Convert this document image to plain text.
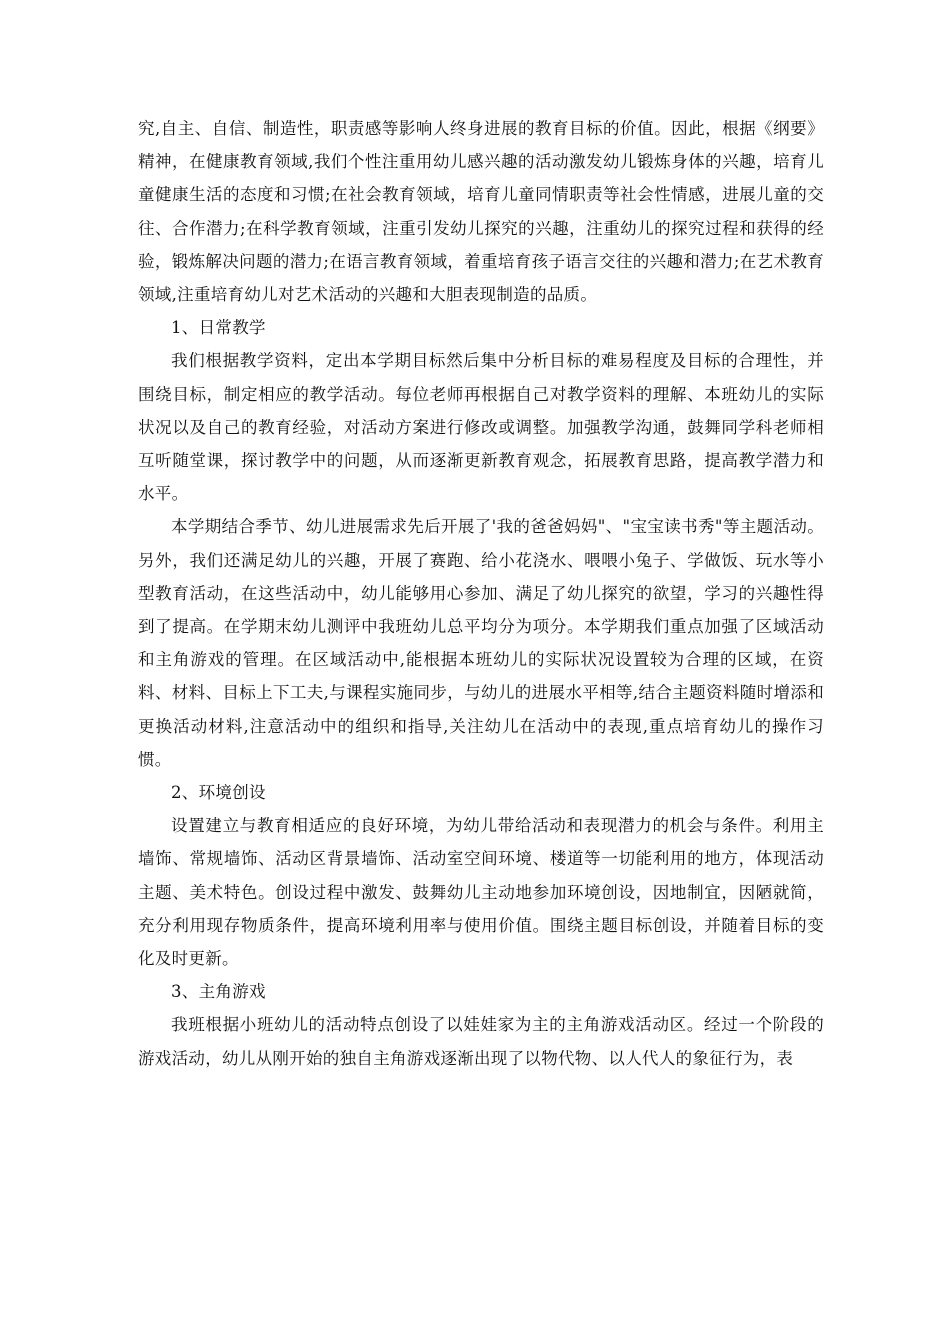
究,自主、自信、制造性，职责感等影响人终身进展的教育目标的价值。因此，根据《纲要》精神，在健康教育领域,我们个性注重用幼儿感兴趣的活动激发幼儿锻炼身体的兴趣，培育儿童健康生活的态度和习惯;在社会教育领域，培育儿童同情职责等社会性情感，进展儿童的交往、合作潜力;在科学教育领域，注重引发幼儿探究的兴趣，注重幼儿的探究过程和获得的经验，锻炼解决问题的潜力;在语言教育领域，着重培育孩子语言交往的兴趣和潜力;在艺术教育领域,注重培育幼儿对艺术活动的兴趣和大胆表现制造的品质。

1、日常教学

我们根据教学资料，定出本学期目标然后集中分析目标的难易程度及目标的合理性，并围绕目标，制定相应的教学活动。每位老师再根据自己对教学资料的理解、本班幼儿的实际状况以及自己的教育经验，对活动方案进行修改或调整。加强教学沟通，鼓舞同学科老师相互听随堂课，探讨教学中的问题，从而逐渐更新教育观念，拓展教育思路，提高教学潜力和水平。

本学期结合季节、幼儿进展需求先后开展了'我的爸爸妈妈"、"宝宝读书秀"等主题活动。另外，我们还满足幼儿的兴趣，开展了赛跑、给小花浇水、喂喂小兔子、学做饭、玩水等小型教育活动，在这些活动中，幼儿能够用心参加、满足了幼儿探究的欲望，学习的兴趣性得到了提高。在学期末幼儿测评中我班幼儿总平均分为项分。本学期我们重点加强了区域活动和主角游戏的管理。在区域活动中,能根据本班幼儿的实际状况设置较为合理的区域，在资料、材料、目标上下工夫,与课程实施同步，与幼儿的进展水平相等,结合主题资料随时增添和更换活动材料,注意活动中的组织和指导,关注幼儿在活动中的表现,重点培育幼儿的操作习惯。

2、环境创设

设置建立与教育相适应的良好环境，为幼儿带给活动和表现潜力的机会与条件。利用主墙饰、常规墙饰、活动区背景墙饰、活动室空间环境、楼道等一切能利用的地方，体现活动主题、美术特色。创设过程中激发、鼓舞幼儿主动地参加环境创设，因地制宜，因陋就简，充分利用现存物质条件，提高环境利用率与使用价值。围绕主题目标创设，并随着目标的变化及时更新。

3、主角游戏

我班根据小班幼儿的活动特点创设了以娃娃家为主的主角游戏活动区。经过一个阶段的游戏活动，幼儿从刚开始的独自主角游戏逐渐出现了以物代物、以人代人的象征行为，表
